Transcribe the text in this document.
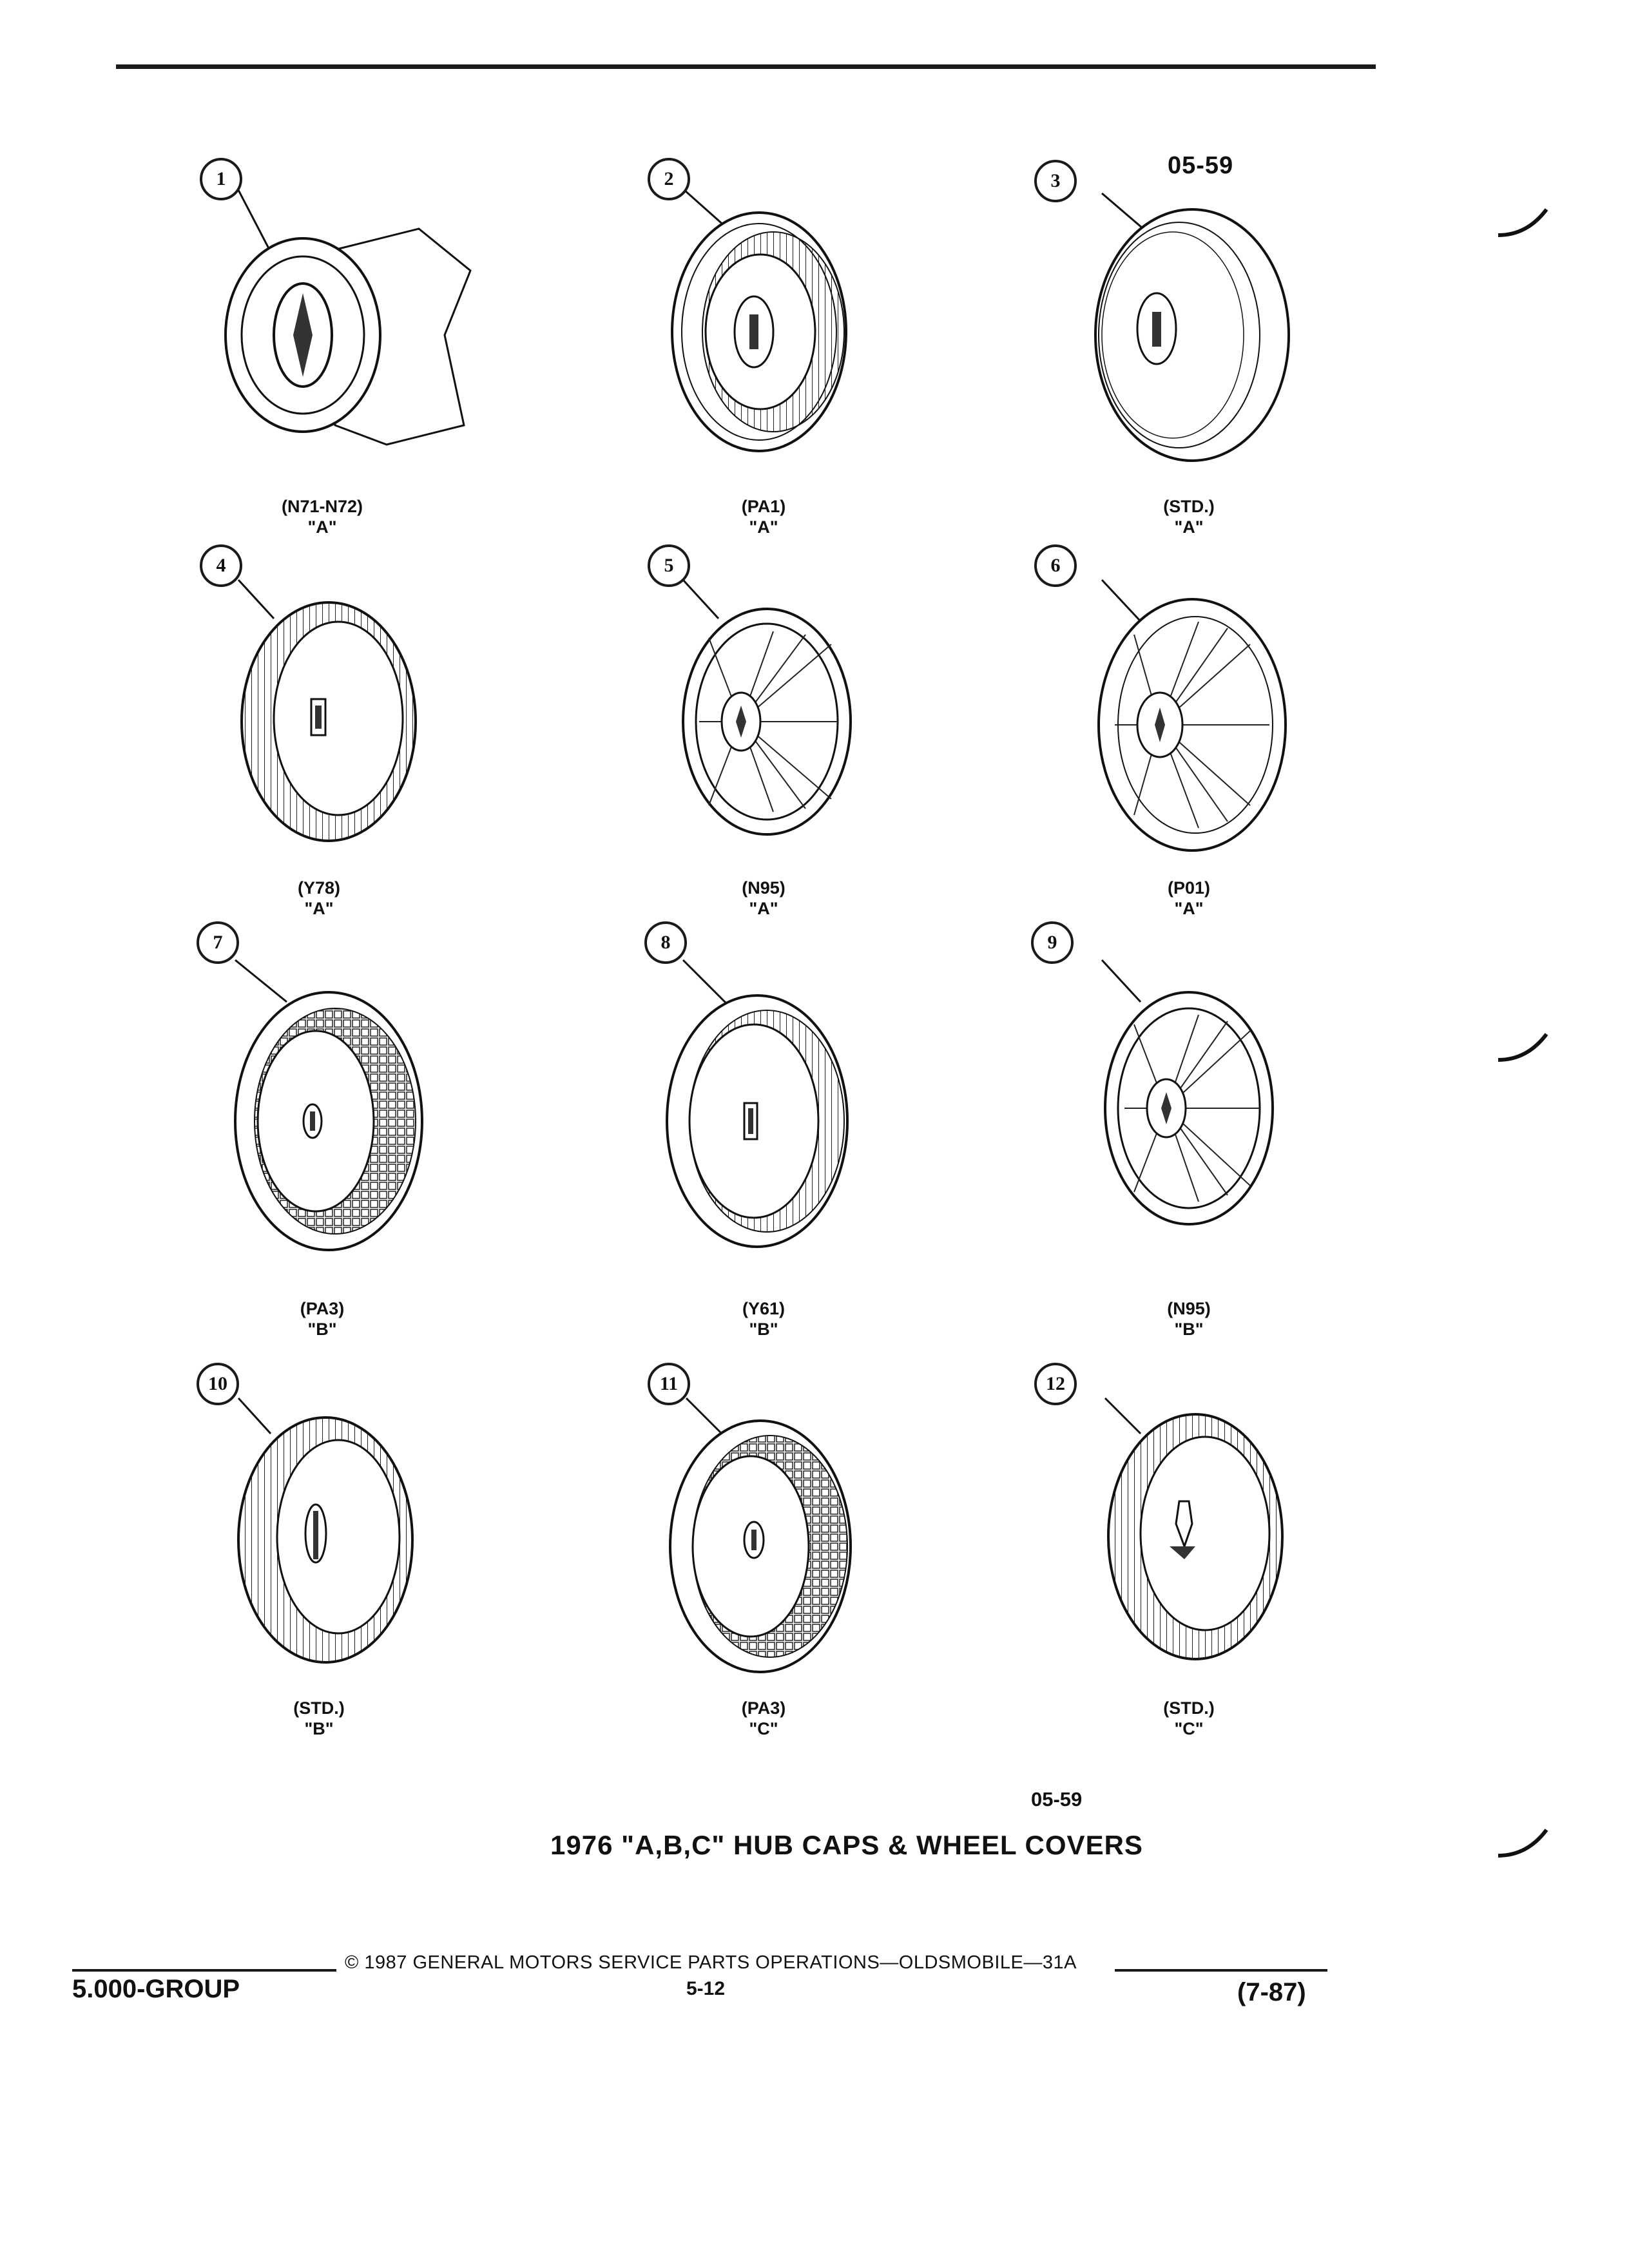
05-59
1	2	3
4	5	6
7	8	9
10	11	12
(N71-N72)
"A"
(PA1)
"A"
(STD.)
"A"
(Y78)
"A"
(N95)
"A"
(P01)
"A"
(PA3)
"B"
(Y61)
"B"
(N95)
"B"
(STD.)
"B"
(PA3)
"C"
(STD.)
"C"
05-59
1976 "A,B,C" HUB CAPS & WHEEL COVERS
© 1987 GENERAL MOTORS SERVICE PARTS OPERATIONS—OLDSMOBILE—31A
5.000-GROUP	5-12	(7-87)
